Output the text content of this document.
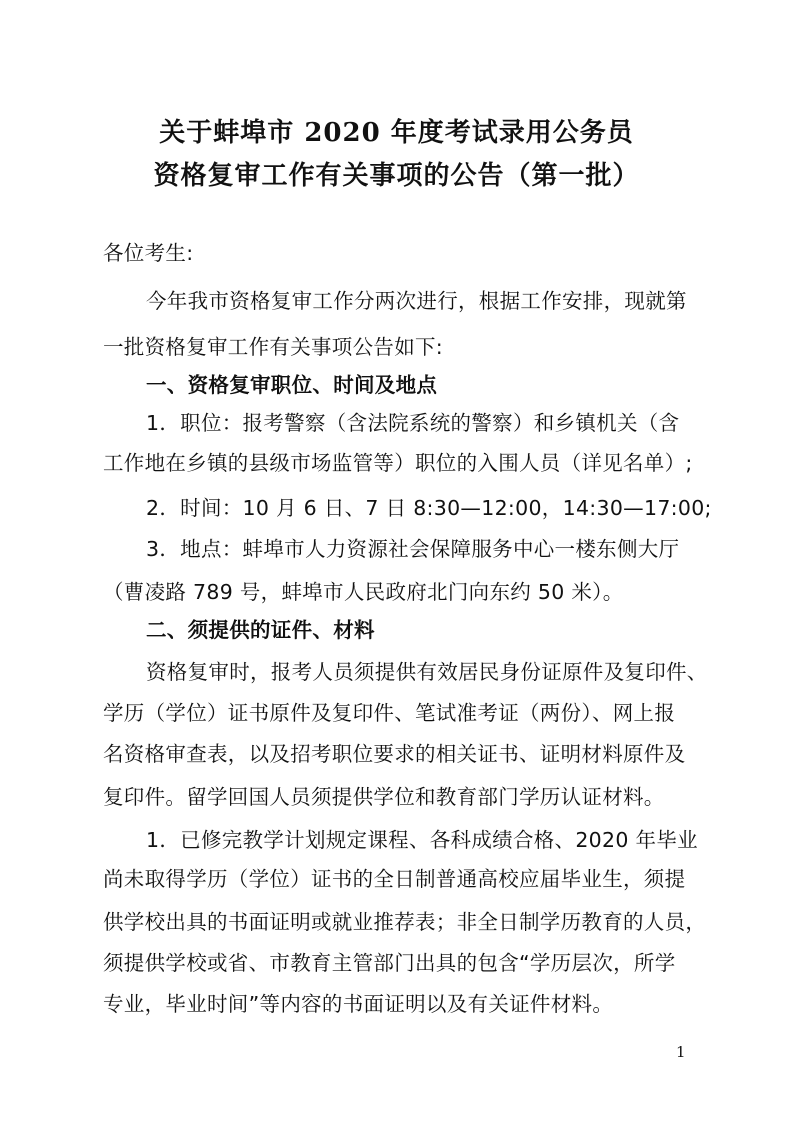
关于蚌埠市 2020 年度考试录用公务员
资格复审工作有关事项的公告（第一批）
各位考生:
今年我市资格复审工作分两次进行，根据工作安排，现就第
一批资格复审工作有关事项公告如下:
一、资格复审职位、时间及地点
1．职位：报考警察（含法院系统的警察）和乡镇机关（含
工作地在乡镇的县级市场监管等）职位的入围人员（详见名单）;
2．时间：10 月 6 日、7 日 8:30—12:00，14:30—17:00;
3．地点：蚌埠市人力资源社会保障服务中心一楼东侧大厅
（曹凌路 789 号，蚌埠市人民政府北门向东约 50 米）。
二、须提供的证件、材料
资格复审时，报考人员须提供有效居民身份证原件及复印件、
学历（学位）证书原件及复印件、笔试准考证（两份）、网上报
名资格审查表，以及招考职位要求的相关证书、证明材料原件及
复印件。留学回国人员须提供学位和教育部门学历认证材料。
1．已修完教学计划规定课程、各科成绩合格、2020 年毕业
尚未取得学历（学位）证书的全日制普通高校应届毕业生，须提
供学校出具的书面证明或就业推荐表；非全日制学历教育的人员，
须提供学校或省、市教育主管部门出具的包含“学历层次，所学
专业，毕业时间”等内容的书面证明以及有关证件材料。
1
